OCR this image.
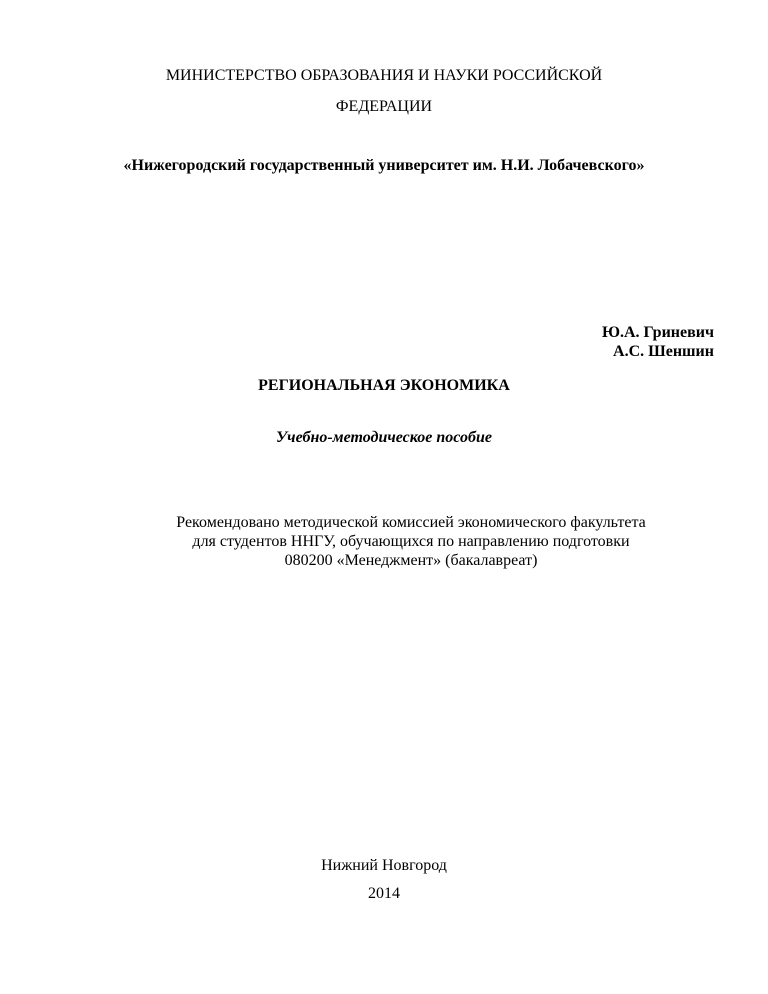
МИНИСТЕРСТВО ОБРАЗОВАНИЯ И НАУКИ РОССИЙСКОЙ
ФЕДЕРАЦИИ
«Нижегородский государственный университет им. Н.И. Лобачевского»
Ю.А. Гриневич
А.С. Шеншин
РЕГИОНАЛЬНАЯ ЭКОНОМИКА
Учебно-методическое пособие
Рекомендовано методической комиссией экономического факультета
для студентов ННГУ, обучающихся по направлению подготовки
080200 «Менеджмент» (бакалавреат)
Нижний Новгород
2014
